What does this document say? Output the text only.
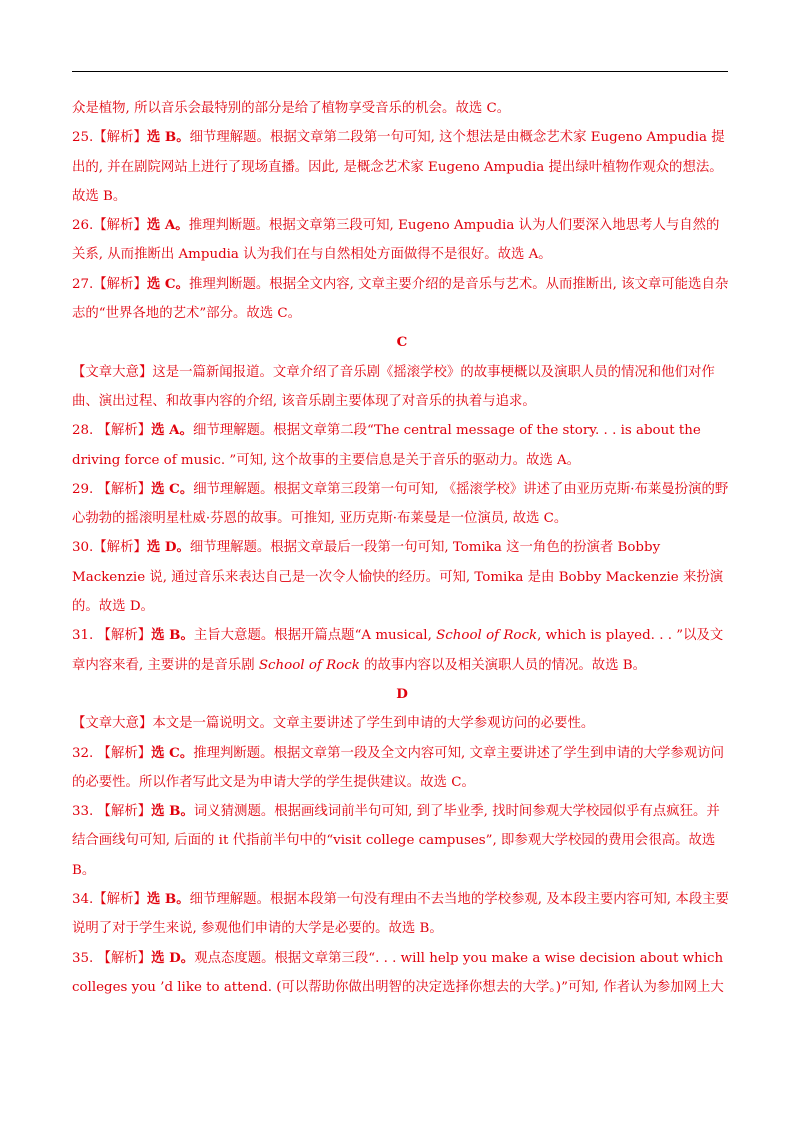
众是植物, 所以音乐会最特别的部分是给了植物享受音乐的机会。故选 C。

25.【解析】选 B。细节理解题。根据文章第二段第一句可知, 这个想法是由概念艺术家 Eugeno Ampudia 提出的, 并在剧院网站上进行了现场直播。因此, 是概念艺术家 Eugeno Ampudia 提出绿叶植物作观众的想法。故选 B。

26.【解析】选 A。推理判断题。根据文章第三段可知, Eugeno Ampudia 认为人们要深入地思考人与自然的关系, 从而推断出 Ampudia 认为我们在与自然相处方面做得不是很好。故选 A。

27.【解析】选 C。推理判断题。根据全文内容, 文章主要介绍的是音乐与艺术。从而推断出, 该文章可能选自杂志的“世界各地的艺术”部分。故选 C。

C

【文章大意】这是一篇新闻报道。文章介绍了音乐剧《摇滚学校》的故事梗概以及演职人员的情况和他们对作曲、演出过程、和故事内容的介绍, 该音乐剧主要体现了对音乐的执着与追求。

28. 【解析】选 A。细节理解题。根据文章第二段“The central message of the story. . . is about the driving force of music. ”可知, 这个故事的主要信息是关于音乐的驱动力。故选 A。

29. 【解析】选 C。细节理解题。根据文章第三段第一句可知, 《摇滚学校》讲述了由亚历克斯·布莱曼扮演的野心勃勃的摇滚明星杜威·芬恩的故事。可推知, 亚历克斯·布莱曼是一位演员, 故选 C。

30.【解析】选 D。细节理解题。根据文章最后一段第一句可知, Tomika 这一角色的扮演者 Bobby Mackenzie 说, 通过音乐来表达自己是一次令人愉快的经历。可知, Tomika 是由 Bobby Mackenzie 来扮演的。故选 D。

31. 【解析】选 B。主旨大意题。根据开篇点题“A musical, School of Rock, which is played. . . ”以及文章内容来看, 主要讲的是音乐剧 School of Rock 的故事内容以及相关演职人员的情况。故选 B。

D

【文章大意】本文是一篇说明文。文章主要讲述了学生到申请的大学参观访问的必要性。

32. 【解析】选 C。推理判断题。根据文章第一段及全文内容可知, 文章主要讲述了学生到申请的大学参观访问的必要性。所以作者写此文是为申请大学的学生提供建议。故选 C。

33. 【解析】选 B。词义猜测题。根据画线词前半句可知, 到了毕业季, 找时间参观大学校园似乎有点疯狂。并结合画线句可知, 后面的 it 代指前半句中的“visit college campuses”, 即参观大学校园的费用会很高。故选 B。

34.【解析】选 B。细节理解题。根据本段第一句没有理由不去当地的学校参观, 及本段主要内容可知, 本段主要说明了对于学生来说, 参观他们申请的大学是必要的。故选 B。

35. 【解析】选 D。观点态度题。根据文章第三段“. . . will help you make a wise decision about which colleges you ’d like to attend. (可以帮助你做出明智的决定选择你想去的大学。)”可知, 作者认为参加网上大
